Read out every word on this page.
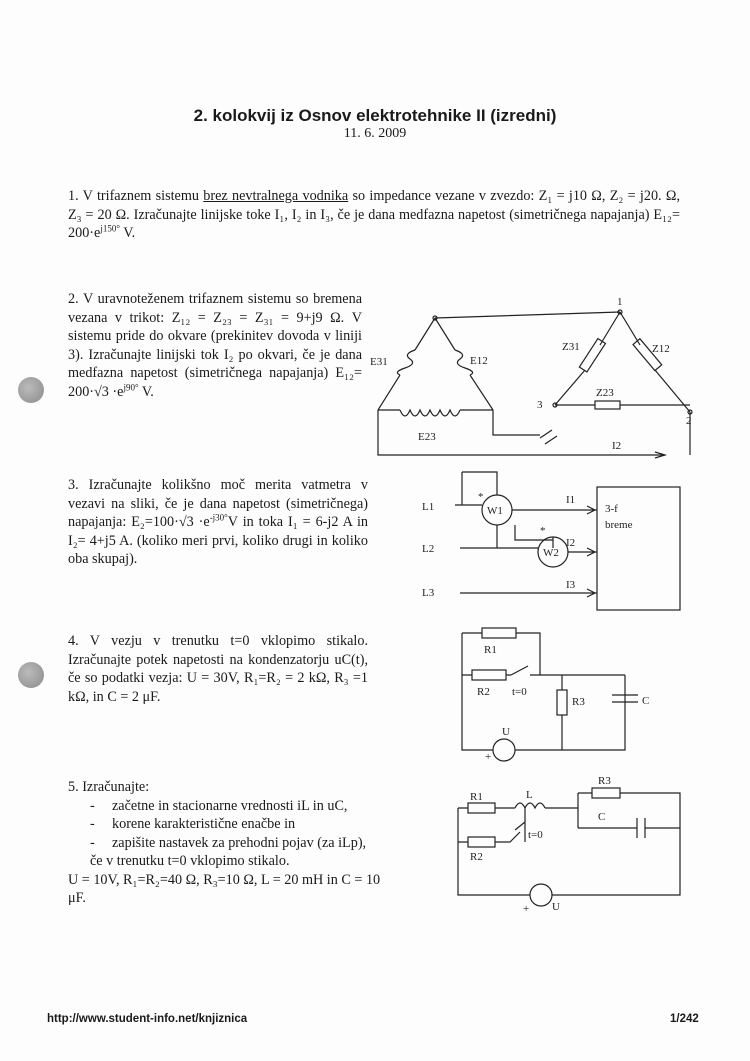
2. kolokvij iz Osnov elektrotehnike II (izredni)
11. 6. 2009
1. V trifaznem sistemu brez nevtralnega vodnika so impedance vezane v zvezdo: Z₁ = j10 Ω, Z₂ = j20. Ω, Z₃ = 20 Ω. Izračunajte linijske toke I₁, I₂ in I₃, če je dana medfazna napetost (simetričnega napajanja) $E_{12}= 200\cdot e^{j150^\circ}$ V.
2. V uravnoteženem trifaznem sistemu so bremena vezana v trikot: Z₁₂ = Z₂₃ = Z₃₁ = 9+j9 Ω. V sistemu pride do okvare (prekinitev dovoda v liniji 3). Izračunajte linijski tok I₂ po okvari, če je dana medfazna napetost (simetričnega napajanja) $E_{12}= 200\cdot√3 \cdot e^{j90^\circ}$ V.
1
2
3
E31	E12
E23
Z31	Z12
Z23
I2
L1
L2
L3
W1
W2
*
*
I1
I2
I3
3-f
breme
R1
R2
R3	C
U
t=0
+
R1
R2
R3
L
C
U
t=0
+
3. Izračunajte kolikšno moč merita vatmetra v vezavi na sliki, če je dana napetost (simetričnega) napajanja: $E_2=100\cdot√3 \cdot e^{-j30^\circ}V$ in toka I₁ = 6-j2 A in I₂= 4+j5 A. (koliko meri prvi, koliko drugi in koliko oba skupaj).
4. V vezju v trenutku t=0 vklopimo stikalo. Izračunajte potek napetosti na kondenzatorju uC(t), če so podatki vezja: U = 30V, R₁=R₂ = 2 kΩ, R₃ =1 kΩ, in C = 2 μF.
5. Izračunajte:
- začetne in stacionarne vrednosti iL in uC,
- korene karakteristične enačbe in
- zapišite nastavek za prehodni pojav (za iLp),
če v trenutku t=0 vklopimo stikalo.
U = 10V, R₁=R₂=40 Ω, R₃=10 Ω, L = 20 mH in C = 10 μF.
http://www.student-info.net/knjiznica	1/242
